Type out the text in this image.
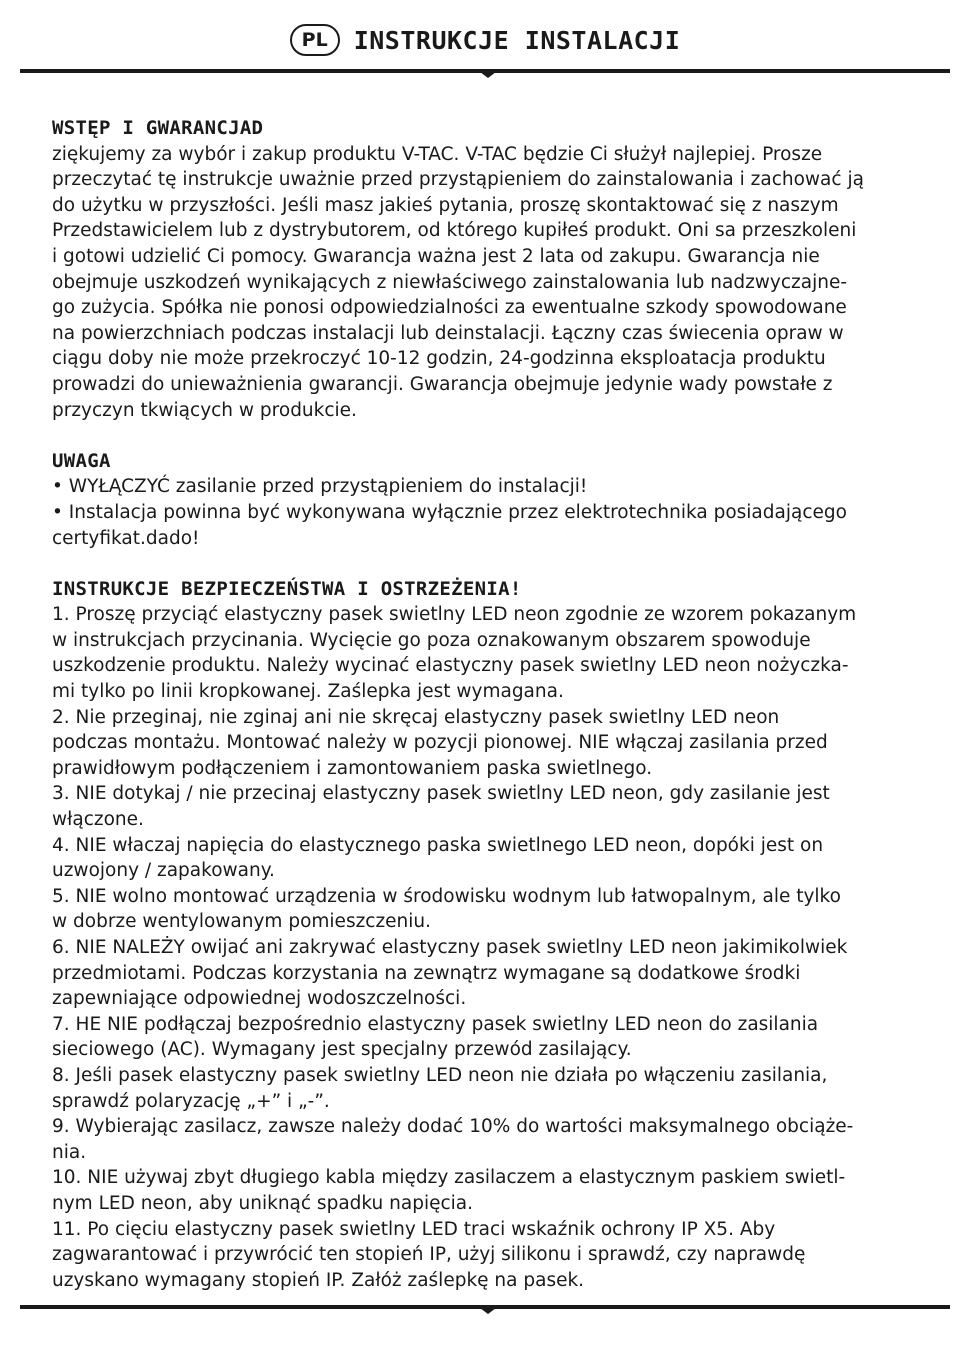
PL	INSTRUKCJE INSTALACJI
WSTĘP I GWARANCJAD

ziękujemy za wybór i zakup produktu V-TAC. V-TAC będzie Ci służył najlepiej. Prosze

przeczytać tę instrukcje uważnie przed przystąpieniem do zainstalowania i zachować ją

do użytku w przyszłości. Jeśli masz jakieś pytania, proszę skontaktować się z naszym

Przedstawicielem lub z dystrybutorem, od którego kupiłeś produkt. Oni sa przeszkoleni

i gotowi udzielić Ci pomocy. Gwarancja ważna jest 2 lata od zakupu. Gwarancja nie

obejmuje uszkodzeń wynikających z niewłaściwego zainstalowania lub nadzwyczajne-

go zużycia. Spółka nie ponosi odpowiedzialności za ewentualne szkody spowodowane

na powierzchniach podczas instalacji lub deinstalacji. Łączny czas świecenia opraw w

ciągu doby nie może przekroczyć 10-12 godzin, 24-godzinna eksploatacja produktu

prowadzi do unieważnienia gwarancji. Gwarancja obejmuje jedynie wady powstałe z

przyczyn tkwiących w produkcie.

UWAGA

• WYŁĄCZYĆ zasilanie przed przystąpieniem do instalacji!

• Instalacja powinna być wykonywana wyłącznie przez elektrotechnika posiadającego

certyfikat.dado!

INSTRUKCJE BEZPIECZEŃSTWA I OSTRZEŻENIA!

1. Proszę przyciąć elastyczny pasek swietlny LED neon zgodnie ze wzorem pokazanym

w instrukcjach przycinania. Wycięcie go poza oznakowanym obszarem spowoduje

uszkodzenie produktu. Należy wycinać elastyczny pasek swietlny LED neon nożyczka-

mi tylko po linii kropkowanej. Zaślepka jest wymagana.

2. Nie przeginaj, nie zginaj ani nie skręcaj elastyczny pasek swietlny LED neon

podczas montażu. Montować należy w pozycji pionowej. NIE włączaj zasilania przed

prawidłowym podłączeniem i zamontowaniem paska swietlnego.

3. NIE dotykaj / nie przecinaj elastyczny pasek swietlny LED neon, gdy zasilanie jest

włączone.

4. NIE właczaj napięcia do elastycznego paska swietlnego LED neon, dopóki jest on

uzwojony / zapakowany.

5. NIE wolno montować urządzenia w środowisku wodnym lub łatwopalnym, ale tylko

w dobrze wentylowanym pomieszczeniu.

6. NIE NALEŻY owijać ani zakrywać elastyczny pasek swietlny LED neon jakimikolwiek

przedmiotami. Podczas korzystania na zewnątrz wymagane są dodatkowe środki

zapewniające odpowiednej wodoszczelności.

7. HE NIE podłączaj bezpośrednio elastyczny pasek swietlny LED neon do zasilania

sieciowego (AC). Wymagany jest specjalny przewód zasilający.

8. Jeśli pasek elastyczny pasek swietlny LED neon nie działa po włączeniu zasilania,

sprawdź polaryzację „+” i „-”.

9. Wybierając zasilacz, zawsze należy dodać 10% do wartości maksymalnego obciąże-

nia.

10. NIE używaj zbyt długiego kabla między zasilaczem a elastycznym paskiem swietl-

nym LED neon, aby uniknąć spadku napięcia.

11. Po cięciu elastyczny pasek swietlny LED traci wskaźnik ochrony IP X5. Aby

zagwarantować i przywrócić ten stopień IP, użyj silikonu i sprawdź, czy naprawdę

uzyskano wymagany stopień IP. Załóż zaślepkę na pasek.
